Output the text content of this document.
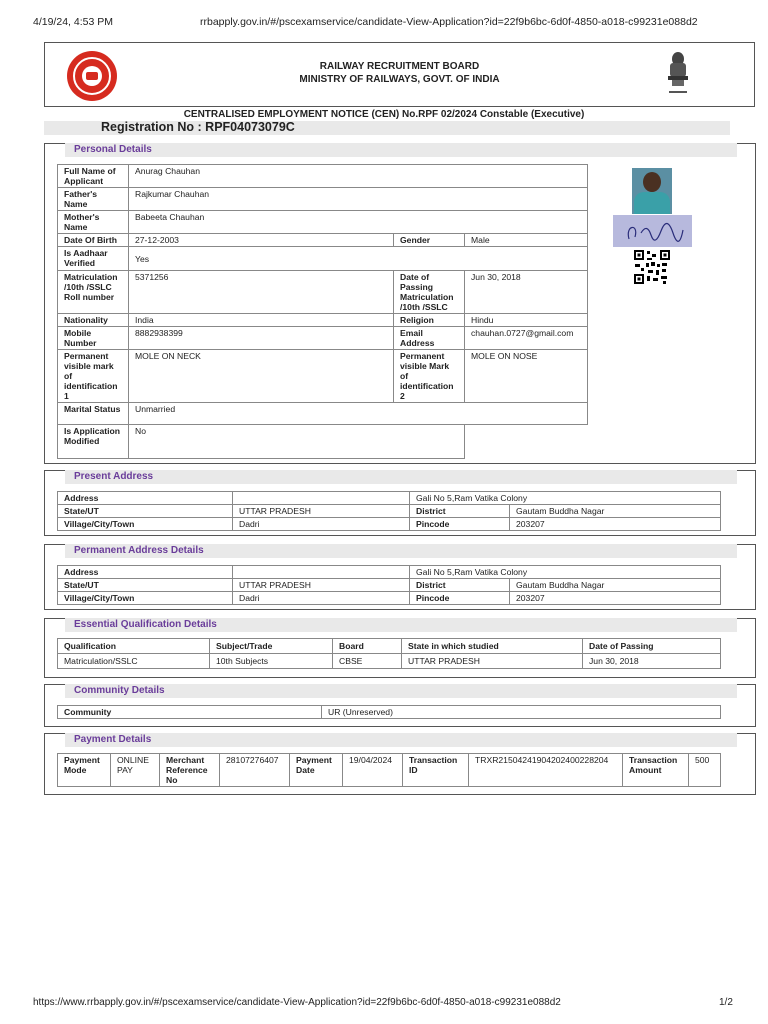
4/19/24, 4:53 PM	rrbapply.gov.in/#/pscexamservice/candidate-View-Application?id=22f9b6bc-6d0f-4850-a018-c99231e088d2
RAILWAY RECRUITMENT BOARD
MINISTRY OF RAILWAYS, GOVT. OF INDIA
CENTRALISED EMPLOYMENT NOTICE (CEN) No.RPF 02/2024 Constable (Executive)
Registration No : RPF04073079C
Personal Details
Full Name of Applicant	Anurag Chauhan		
Father's Name	Rajkumar Chauhan		
Mother's Name	Babeeta Chauhan		
Date Of Birth	27-12-2003	Gender	Male
Is Aadhaar Verified	Yes		
Matriculation /10th /SSLC Roll number	5371256	Date of Passing Matriculation /10th /SSLC	Jun 30, 2018
Nationality	India	Religion	Hindu
Mobile Number	8882938399	Email Address	chauhan.0727@gmail.com
Permanent visible mark of identification 1	MOLE ON NECK	Permanent visible Mark of identification 2	MOLE ON NOSE
Marital Status	Unmarried		
Is Application Modified	No		
Present Address
Address		Gali No 5,Ram Vatika Colony	
State/UT	UTTAR PRADESH	District	Gautam Buddha Nagar
Village/City/Town	Dadri	Pincode	203207
Permanent Address Details
Address		Gali No 5,Ram Vatika Colony	
State/UT	UTTAR PRADESH	District	Gautam Buddha Nagar
Village/City/Town	Dadri	Pincode	203207
Essential Qualification Details
Qualification	Subject/Trade	Board	State in which studied	Date of Passing
Matriculation/SSLC	10th Subjects	CBSE	UTTAR PRADESH	Jun 30, 2018
Community Details
Community	UR (Unreserved)
Payment Details
Payment Mode	ONLINE PAY	Merchant Reference No	28107276407	Payment Date	19/04/2024	Transaction ID	TRXR2150424190420240022820​4	Transaction Amount	500
https://www.rrbapply.gov.in/#/pscexamservice/candidate-View-Application?id=22f9b6bc-6d0f-4850-a018-c99231e088d2	1/2
